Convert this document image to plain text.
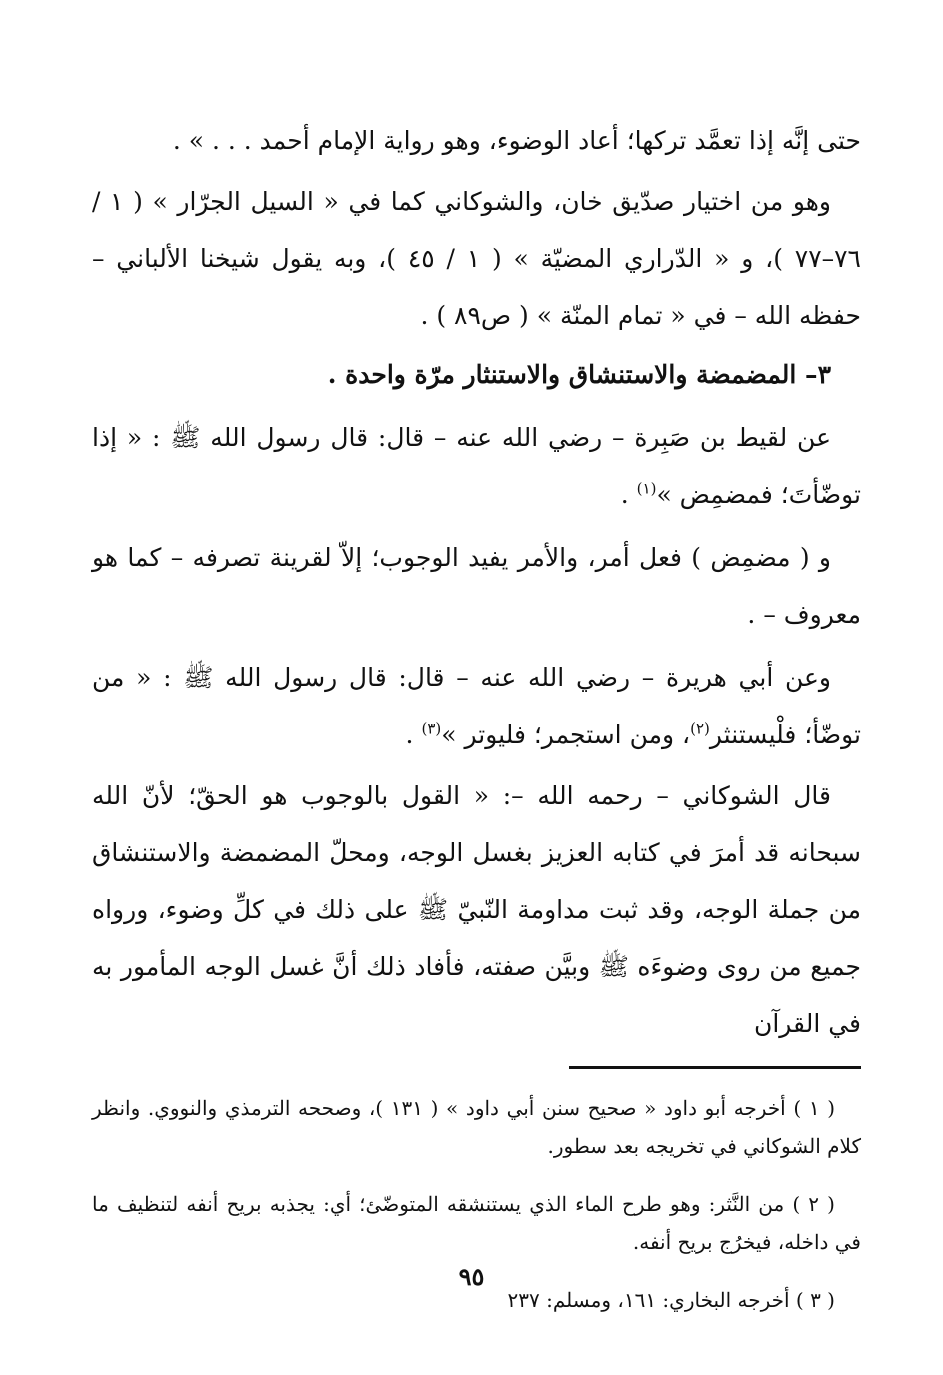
حتى إنَّه إذا تعمَّد تركها؛ أعاد الوضوء، وهو رواية الإمام أحمد . . . » .

وهو من اختيار صدّيق خان، والشوكاني كما في « السيل الجرّار » ( ١ / ٧٦–٧٧ )، و « الدّراري المضيّة » ( ١ / ٤٥ )، وبه يقول شيخنا الألباني – حفظه الله – في « تمام المنّة » ( ص٨٩ ) .

٣– المضمضة والاستنشاق والاستنثار مرّة واحدة .

عن لقيط بن صَبِرة – رضي الله عنه – قال: قال رسول الله ﷺ : « إذا توضّأتَ؛ فمضمِض »$^{(١)}$ .

و ( مضمِض ) فعل أمر، والأمر يفيد الوجوب؛ إلاّ لقرينة تصرفه – كما هو معروف – .

وعن أبي هريرة – رضي الله عنه – قال: قال رسول الله ﷺ : « من توضّأ؛ فلْيستنثر$^{(٢)}$، ومن استجمر؛ فليوتر »$^{(٣)}$ .

قال الشوكاني – رحمه الله –: « القول بالوجوب هو الحقّ؛ لأنّ الله سبحانه قد أمرَ في كتابه العزيز بغسل الوجه، ومحلّ المضمضة والاستنشاق من جملة الوجه، وقد ثبت مداومة النّبيّ ﷺ على ذلك في كلِّ وضوء، ورواه جميع من روى وضوءَه ﷺ وبيَّن صفته، فأفاد ذلك أنَّ غسل الوجه المأمور به في القرآن

( ١ ) أخرجه أبو داود « صحيح سنن أبي داود » ( ١٣١ )، وصححه الترمذي والنووي. وانظر كلام الشوكاني في تخريجه بعد سطور.

( ٢ ) من النَّثر: وهو طرح الماء الذي يستنشقه المتوضّئ؛ أي: يجذبه بريح أنفه لتنظيف ما في داخله، فيخرُج بريح أنفه.

( ٣ ) أخرجه البخاري: ١٦١، ومسلم: ٢٣٧

٩٥
